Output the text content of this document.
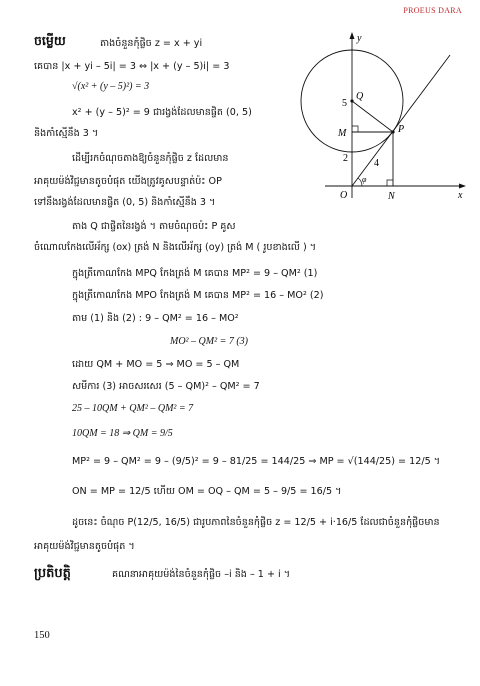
PROEUS DARA
y
x
O	N
M	P
Q
5
2	4
φ
ចម្លើយ	តាងចំនួនកុំផ្លិច z = x + yi
គេបាន |x + yi – 5i| = 3 ⇔ |x + (y – 5)i| = 3
√(x² + (y – 5)²) = 3
x² + (y – 5)² = 9 ជារង្វង់ដែលមានផ្ចិត (0, 5)
និងកាំស្មើនឹង 3 ។
ដើម្បីរកចំណុចតាងឱ្យចំនួនកុំផ្លិច z ដែលមាន
អាគុយម៉ង់វិជ្ជមានតូចបំផុត យើងត្រូវគូសបន្ទាត់ប៉ះ OP
ទៅនឹងរង្វង់ដែលមានផ្ចិត (0, 5) និងកាំស្មើនឹង 3 ។
តាង Q ជាផ្ចិតនៃរង្វង់ ។ តាមចំណុចប៉ះ P គូស
ចំណោលកែងលើអ័ក្ស (ox) ត្រង់ N និងលើអ័ក្ស (oy) ត្រង់ M ( រូបខាងលើ ) ។
ក្នុងត្រីកោណកែង MPQ កែងត្រង់ M គេបាន MP² = 9 – QM² (1)
ក្នុងត្រីកោណកែង MPO កែងត្រង់ M គេបាន MP² = 16 – MO² (2)
តាម (1) និង (2) : 9 – QM² = 16 – MO²
MO² – QM² = 7 (3)
ដោយ QM + MO = 5 ⇒ MO = 5 – QM
សមីការ (3) អាចសរសេរ (5 – QM)² – QM² = 7
25 – 10QM + QM² – QM² = 7
10QM = 18 ⇒ QM = 9/5
MP² = 9 – QM² = 9 – (9/5)² = 9 – 81/25 = 144/25 ⇒ MP = √(144/25) = 12/5 ។
ON = MP = 12/5 ហើយ OM = OQ – QM = 5 – 9/5 = 16/5 ។
ដូចនេះ ចំណុច P(12/5, 16/5) ជារូបភាពនៃចំនួនកុំផ្លិច z = 12/5 + i·16/5 ដែលជាចំនួនកុំផ្លិចមាន
អាគុយម៉ង់វិជ្ជមានតូចបំផុត ។
ប្រតិបត្តិ	គណនាអាគុយម៉ង់នៃចំនួនកុំផ្លិច –i និង – 1 + i ។
150
